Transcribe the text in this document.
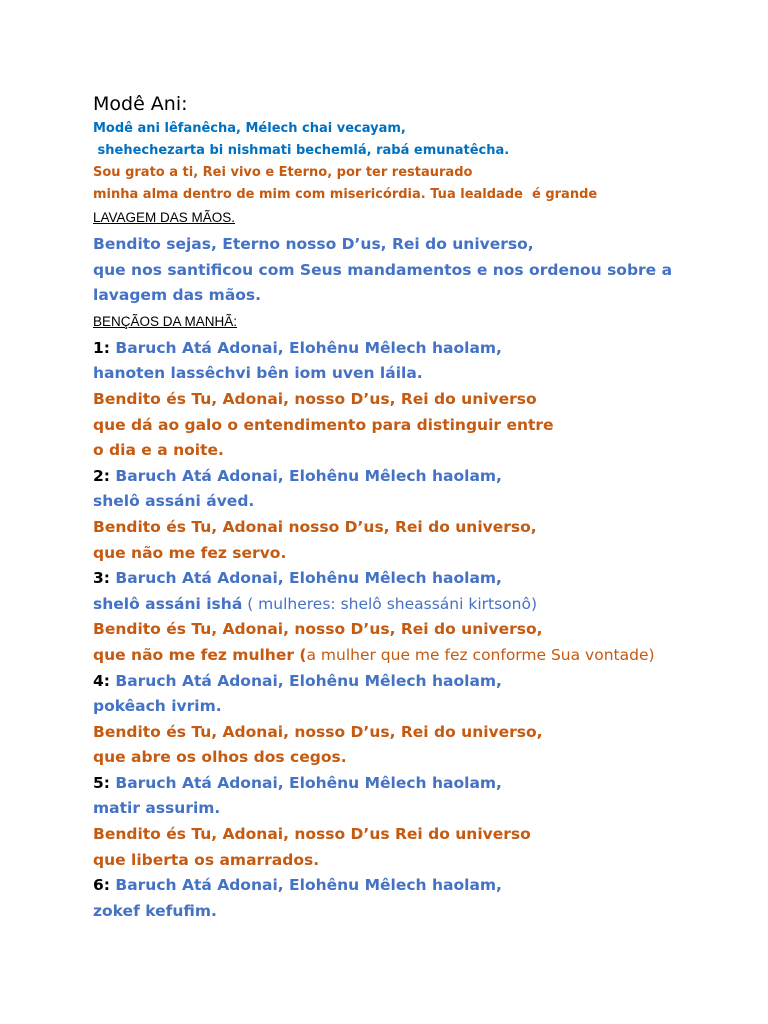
Modê Ani:
Modê ani lêfanêcha, Mélech chai vecayam,
shehechezarta bi nishmati bechemlá, rabá emunatêcha.
Sou grato a ti, Rei vivo e Eterno, por ter restaurado
minha alma dentro de mim com misericórdia. Tua lealdade  é grande
LAVAGEM DAS MÃOS.
Bendito sejas, Eterno nosso D’us, Rei do universo,
que nos santificou com Seus mandamentos e nos ordenou sobre a
lavagem das mãos.
BENÇÃOS DA MANHÃ:
1: Baruch Atá Adonai, Elohênu Mêlech haolam,
hanoten lassêchvi bên iom uven láila.
Bendito és Tu, Adonai, nosso D’us, Rei do universo
que dá ao galo o entendimento para distinguir entre
o dia e a noite.
2: Baruch Atá Adonai, Elohênu Mêlech haolam,
shelô assáni áved.
Bendito és Tu, Adonai nosso D’us, Rei do universo,
que não me fez servo.
3: Baruch Atá Adonai, Elohênu Mêlech haolam,
shelô assáni ishá ( mulheres: shelô sheassáni kirtsonô)
Bendito és Tu, Adonai, nosso D’us, Rei do universo,
que não me fez mulher (a mulher que me fez conforme Sua vontade)
4: Baruch Atá Adonai, Elohênu Mêlech haolam,
pokêach ivrim.
Bendito és Tu, Adonai, nosso D’us, Rei do universo,
que abre os olhos dos cegos.
5: Baruch Atá Adonai, Elohênu Mêlech haolam,
matir assurim.
Bendito és Tu, Adonai, nosso D’us Rei do universo
que liberta os amarrados.
6: Baruch Atá Adonai, Elohênu Mêlech haolam,
zokef kefufim.
